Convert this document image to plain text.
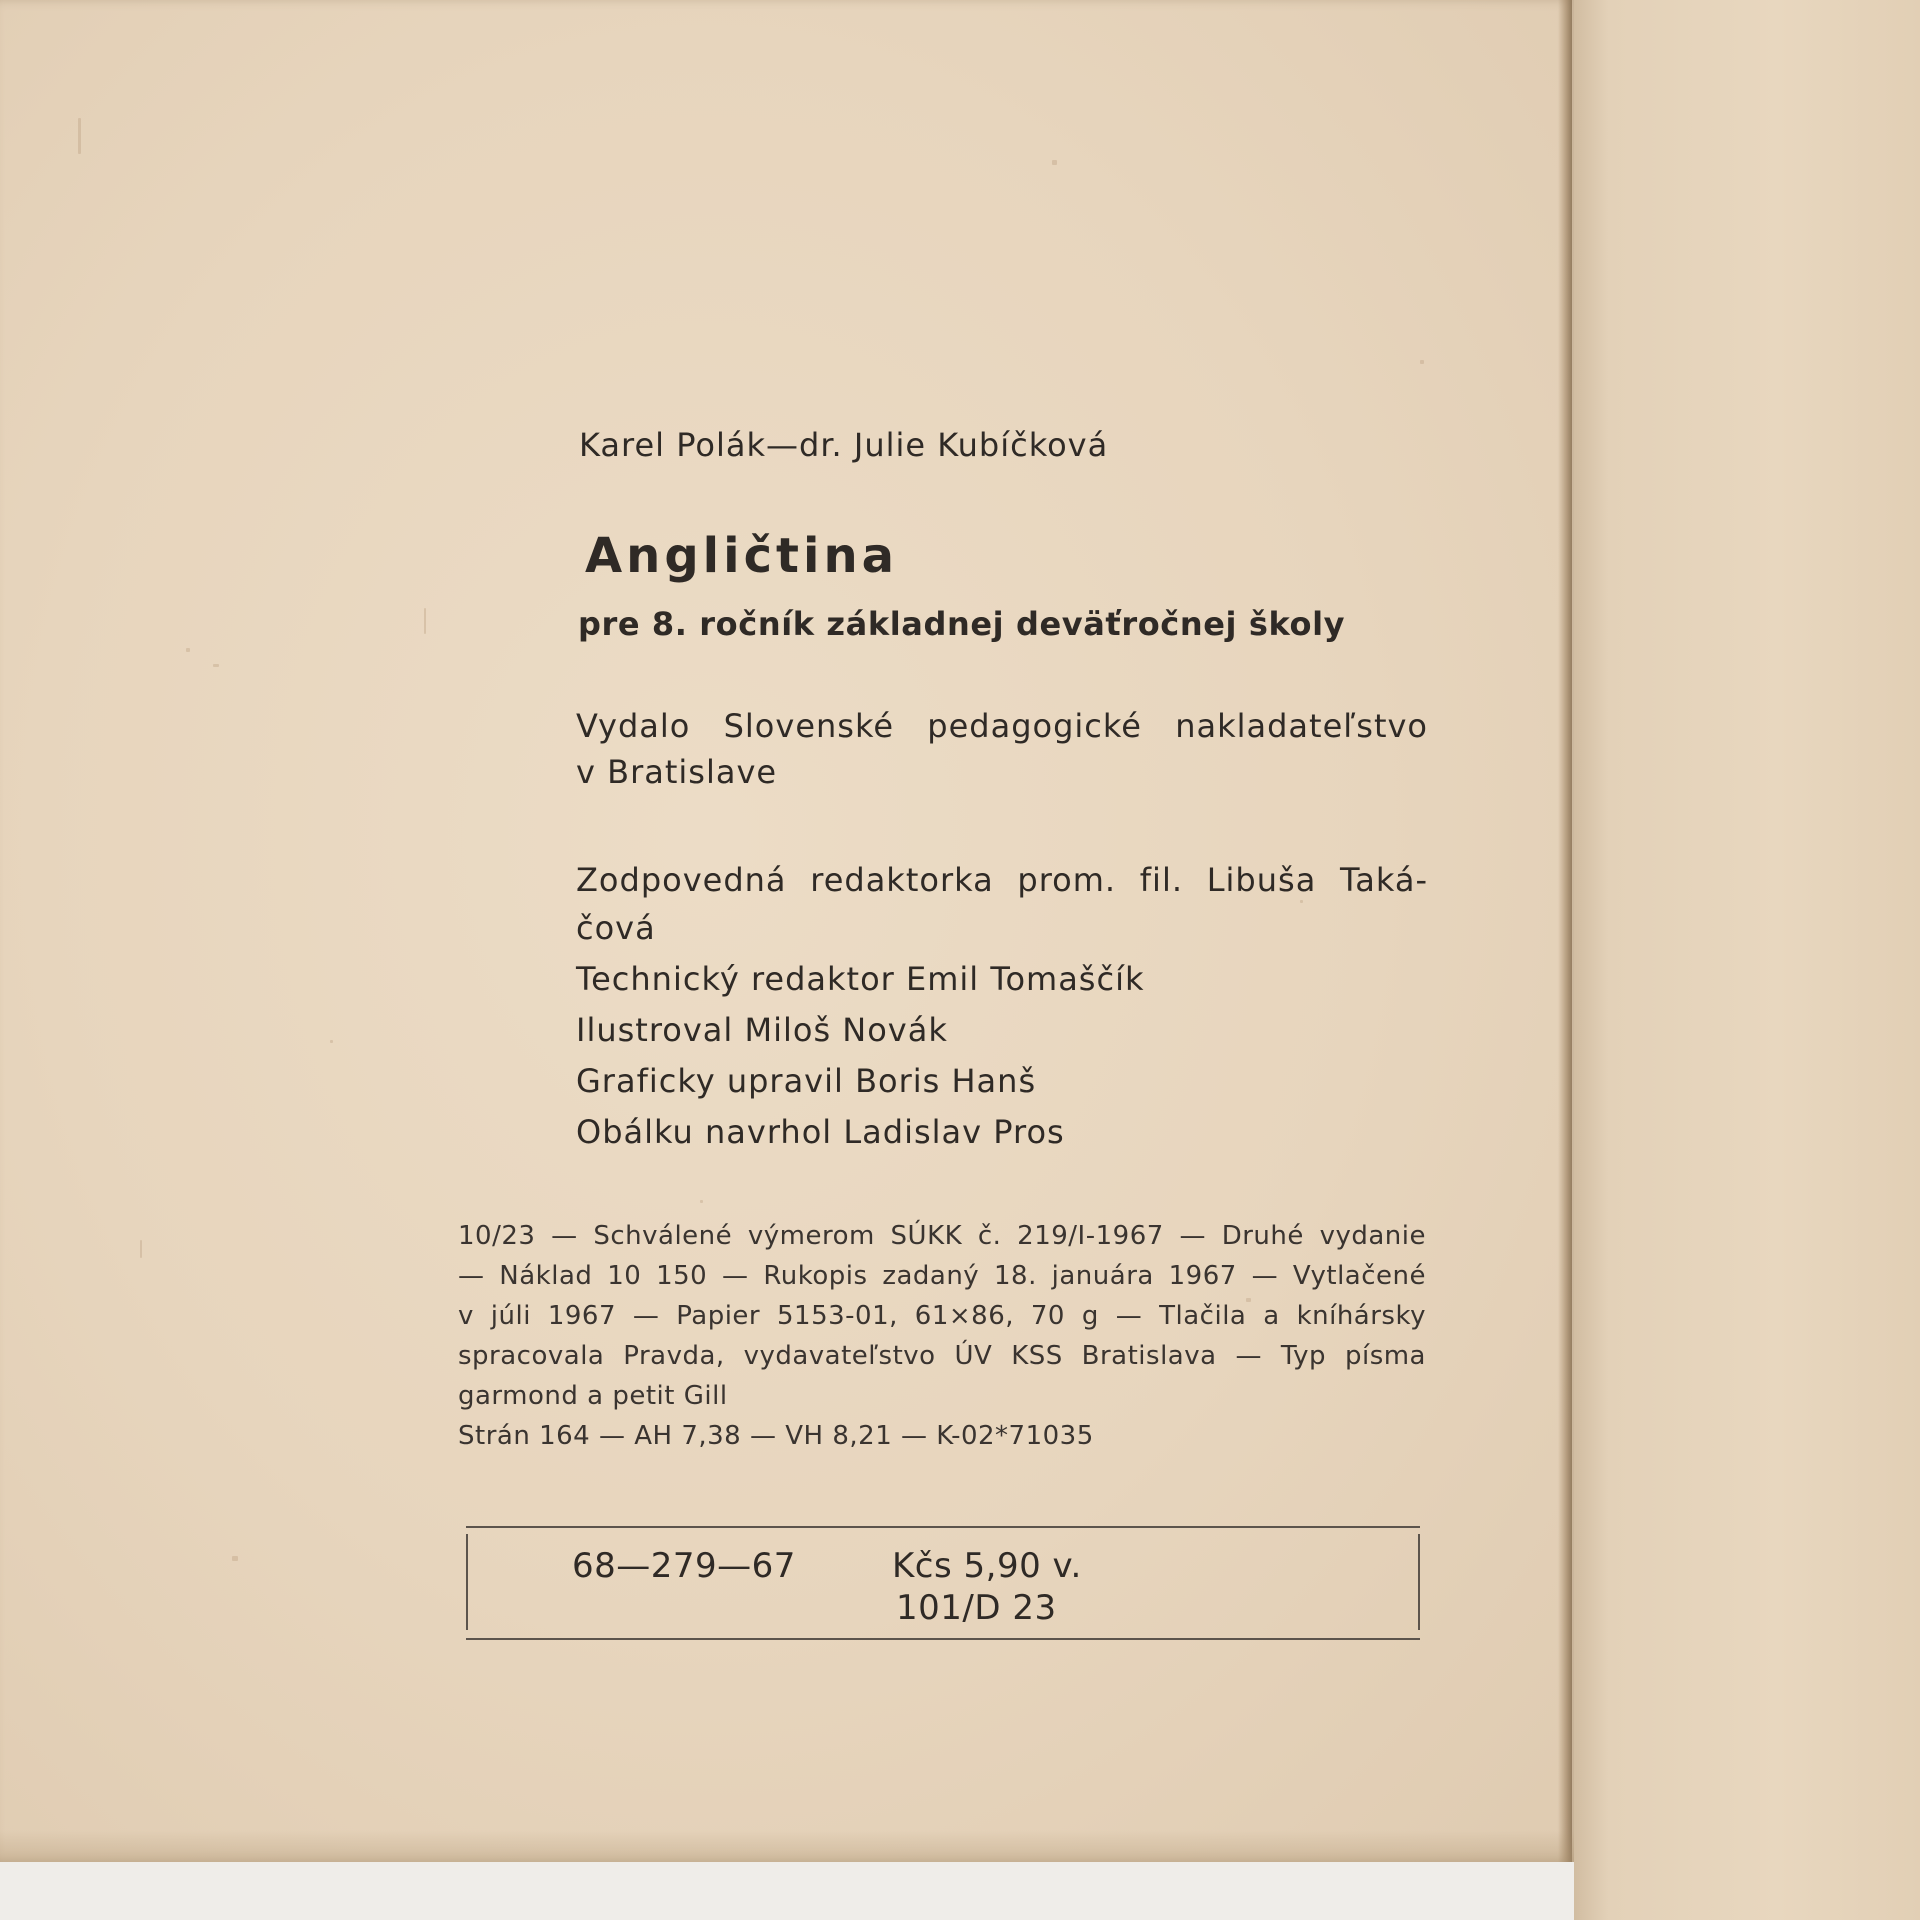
Karel Polák—dr. Julie Kubíčková
Angličtina
pre 8. ročník základnej deväťročnej školy
Vydalo Slovenské pedagogické nakladateľstvo
v Bratislave
Zodpovedná redaktorka prom. fil. Libuša Taká-
čová
Technický redaktor Emil Tomaščík
Ilustroval Miloš Novák
Graficky upravil Boris Hanš
Obálku navrhol Ladislav Pros
10/23 — Schválené výmerom SÚKK č. 219/I-1967 — Druhé vydanie
— Náklad 10 150 — Rukopis zadaný 18. januára 1967 — Vytlačené
v júli 1967 — Papier 5153-01, 61×86, 70 g — Tlačila a kníhársky
spracovala Pravda, vydavateľstvo ÚV KSS Bratislava — Typ písma
garmond a petit Gill
Strán 164 — AH 7,38 — VH 8,21 — K-02*71035
68—279—67	Kčs 5,90 v.
101/D 23
